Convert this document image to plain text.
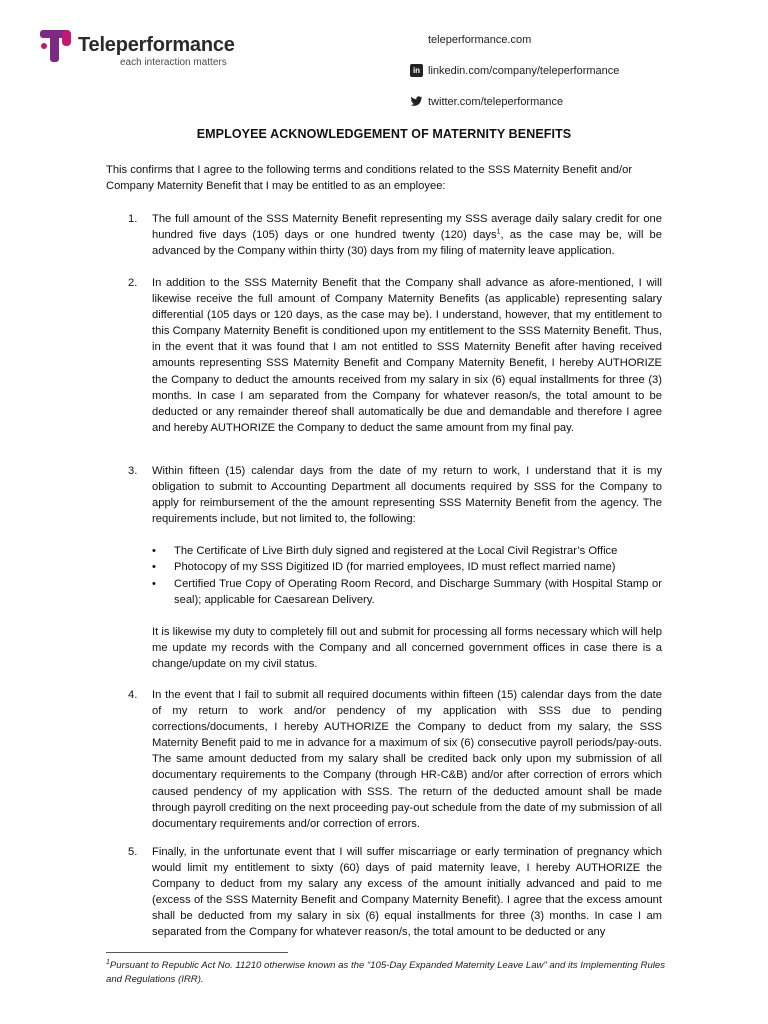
Teleperformance
each interaction matters
teleperformance.com
in linkedin.com/company/teleperformance
twitter.com/teleperformance
EMPLOYEE ACKNOWLEDGEMENT OF MATERNITY BENEFITS
This confirms that I agree to the following terms and conditions related to the SSS Maternity Benefit and/or Company Maternity Benefit that I may be entitled to as an employee:
1. The full amount of the SSS Maternity Benefit representing my SSS average daily salary credit for one hundred five days (105) days or one hundred twenty (120) days$^1$, as the case may be, will be advanced by the Company within thirty (30) days from my filing of maternity leave application.
2. In addition to the SSS Maternity Benefit that the Company shall advance as afore-mentioned, I will likewise receive the full amount of Company Maternity Benefits (as applicable) representing salary differential (105 days or 120 days, as the case may be). I understand, however, that my entitlement to this Company Maternity Benefit is conditioned upon my entitlement to the SSS Maternity Benefit. Thus, in the event that it was found that I am not entitled to SSS Maternity Benefit after having received amounts representing SSS Maternity Benefit and Company Maternity Benefit, I hereby AUTHORIZE the Company to deduct the amounts received from my salary in six (6) equal installments for three (3) months. In case I am separated from the Company for whatever reason/s, the total amount to be deducted or any remainder thereof shall automatically be due and demandable and therefore I agree and hereby AUTHORIZE the Company to deduct the same amount from my final pay.
3. Within fifteen (15) calendar days from the date of my return to work, I understand that it is my obligation to submit to Accounting Department all documents required by SSS for the Company to apply for reimbursement of the the amount representing SSS Maternity Benefit from the agency. The requirements include, but not limited to, the following:
• The Certificate of Live Birth duly signed and registered at the Local Civil Registrar’s Office
• Photocopy of my SSS Digitized ID (for married employees, ID must reflect married name)
• Certified True Copy of Operating Room Record, and Discharge Summary (with Hospital Stamp or seal); applicable for Caesarean Delivery.
It is likewise my duty to completely fill out and submit for processing all forms necessary which will help me update my records with the Company and all concerned government offices in case there is a change/update on my civil status.
4. In the event that I fail to submit all required documents within fifteen (15) calendar days from the date of my return to work and/or pendency of my application with SSS due to pending corrections/documents, I hereby AUTHORIZE the Company to deduct from my salary, the SSS Maternity Benefit paid to me in advance for a maximum of six (6) consecutive payroll periods/pay-outs. The same amount deducted from my salary shall be credited back only upon my submission of all documentary requirements to the Company (through HR-C&B) and/or after correction of errors which caused pendency of my application with SSS. The return of the deducted amount shall be made through payroll crediting on the next proceeding pay-out schedule from the date of my submission of all documentary requirements and/or correction of errors.
5. Finally, in the unfortunate event that I will suffer miscarriage or early termination of pregnancy which would limit my entitlement to sixty (60) days of paid maternity leave, I hereby AUTHORIZE the Company to deduct from my salary any excess of the amount initially advanced and paid to me (excess of the SSS Maternity Benefit and Company Maternity Benefit). I agree that the excess amount shall be deducted from my salary in six (6) equal installments for three (3) months. In case I am separated from the Company for whatever reason/s, the total amount to be deducted or any
$^1$Pursuant to Republic Act No. 11210 otherwise known as the “105-Day Expanded Maternity Leave Law” and its Implementing Rules and Regulations (IRR).
